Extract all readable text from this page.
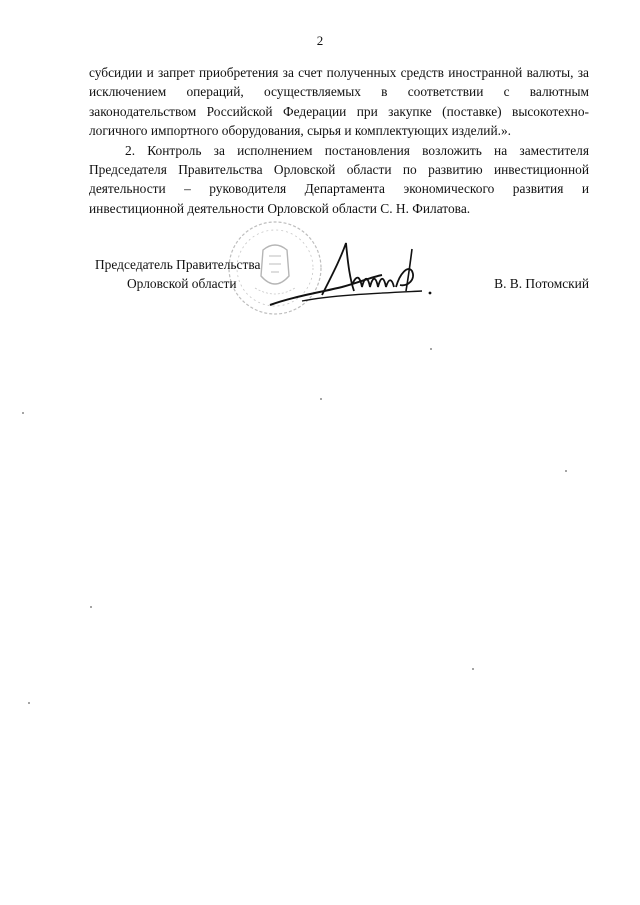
2

субсидии и запрет приобретения за счет полученных средств иностранной валюты, за исключением операций, осуществляемых в соответствии с валютным законодательством Российской Федерации при закупке (поставке) высокотехно-логичного импортного оборудования, сырья и комплектующих изделий.».

2. Контроль за исполнением постановления возложить на заместителя Председателя Правительства Орловской области по развитию инвестиционной деятельности – руководителя Департамента экономического развития и инвестиционной деятельности Орловской области С. Н. Филатова.

Председатель Правительства
Орловской области	В. В. Потомский
